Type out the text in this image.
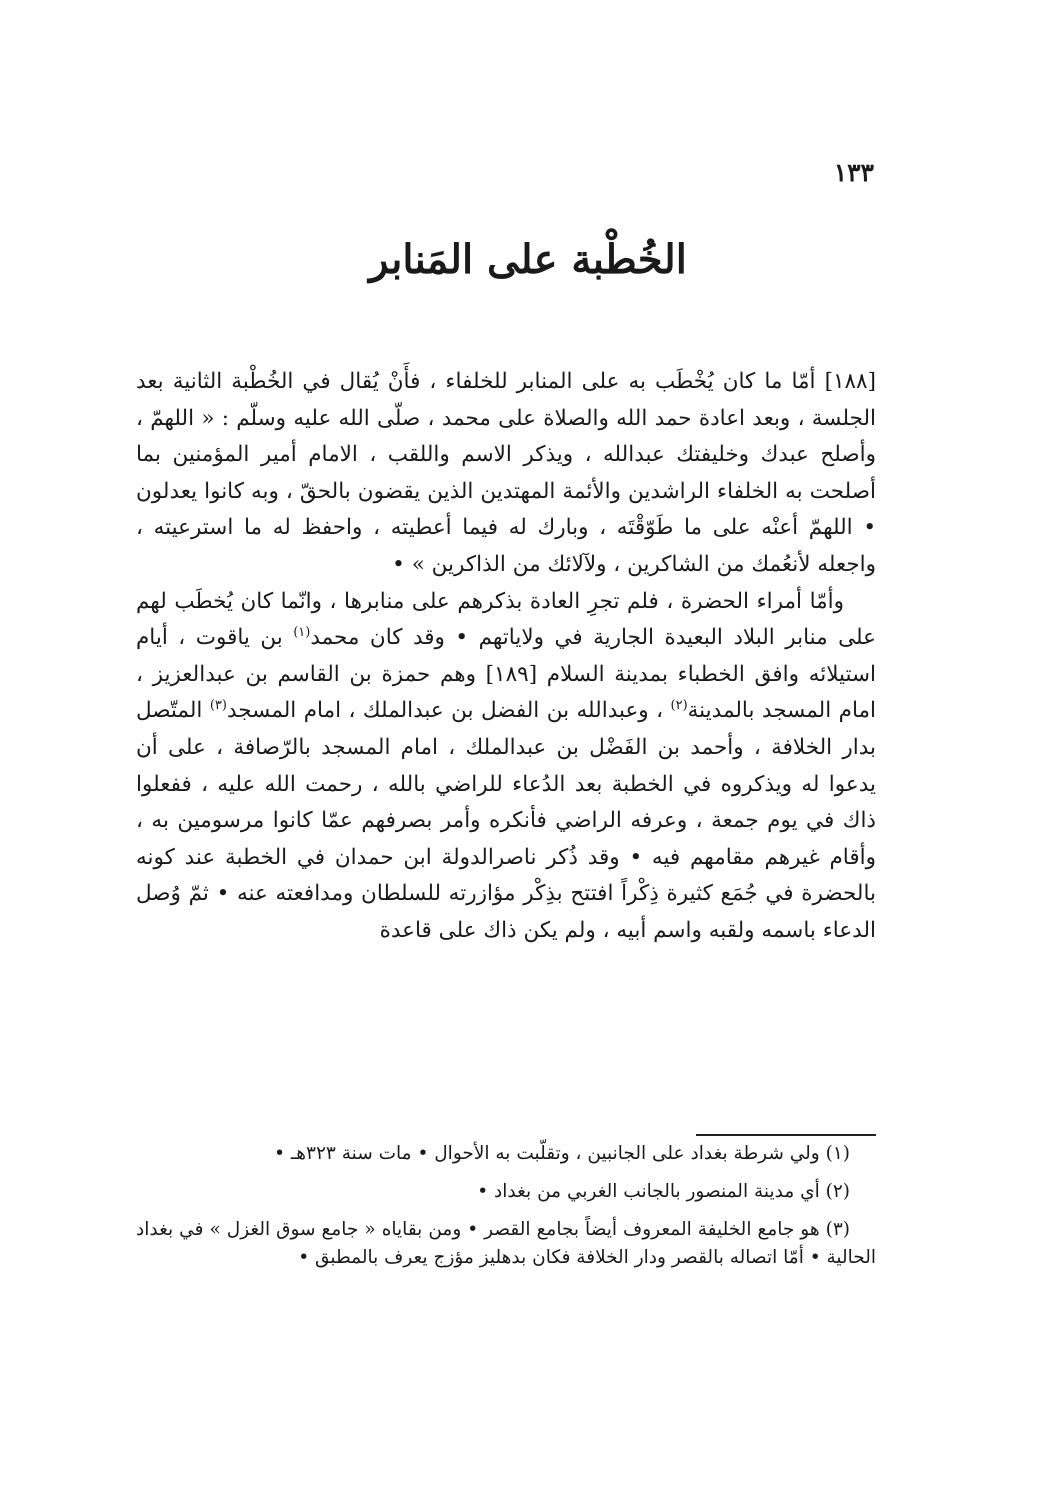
١٣٣
الخُطْبة على المَنابر

[١٨٨] أمّا ما كان يُخْطَب به على المنابر للخلفاء ، فأَنْ يُقال في الخُطْبة الثانية بعد الجلسة ، وبعد اعادة حمد الله والصلاة على محمد ، صلّى الله عليه وسلّم : « اللهمّ ، وأصلح عبدك وخليفتك عبدالله ، ويذكر الاسم واللقب ، الامام أمير المؤمنين بما أصلحت به الخلفاء الراشدين والأئمة المهتدين الذين يقضون بالحقّ ، وبه كانوا يعدلون • اللهمّ أعنْه على ما طَوّقْتَه ، وبارك له فيما أعطيته ، واحفظ له ما استرعيته ، واجعله لأنعُمك من الشاكرين ، ولآلائك من الذاكرين » •

وأمّا أمراء الحضرة ، فلم تجرِ العادة بذكرهم على منابرها ، وانّما كان يُخطَب لهم على منابر البلاد البعيدة الجارية في ولاياتهم • وقد كان محمد$^{(١)}$ بن ياقوت ، أيام استيلائه وافق الخطباء بمدينة السلام [١٨٩] وهم حمزة بن القاسم بن عبدالعزيز ، امام المسجد بالمدينة$^{(٢)}$ ، وعبدالله بن الفضل بن عبدالملك ، امام المسجد$^{(٣)}$ المتّصل بدار الخلافة ، وأحمد بن الفَضْل بن عبدالملك ، امام المسجد بالرّصافة ، على أن يدعوا له ويذكروه في الخطبة بعد الدُعاء للراضي بالله ، رحمت الله عليه ، ففعلوا ذاك في يوم جمعة ، وعرفه الراضي فأنكره وأمر بصرفهم عمّا كانوا مرسومين به ، وأقام غيرهم مقامهم فيه • وقد ذُكر ناصرالدولة ابن حمدان في الخطبة عند كونه بالحضرة في جُمَع كثيرة ذِكْراً افتتح بذِكْر مؤازرته للسلطان ومدافعته عنه • ثمّ وُصل الدعاء باسمه ولقبه واسم أبيه ، ولم يكن ذاك على قاعدة

(١) ولي شرطة بغداد على الجانبين ، وتقلّبت به الأحوال • مات سنة ٣٢٣هـ •

(٢) أي مدينة المنصور بالجانب الغربي من بغداد •

(٣) هو جامع الخليفة المعروف أيضاً بجامع القصر • ومن بقاياه « جامع سوق الغزل » في بغداد الحالية • أمّا اتصاله بالقصر ودار الخلافة فكان بدهليز مؤزج يعرف بالمطبق •
